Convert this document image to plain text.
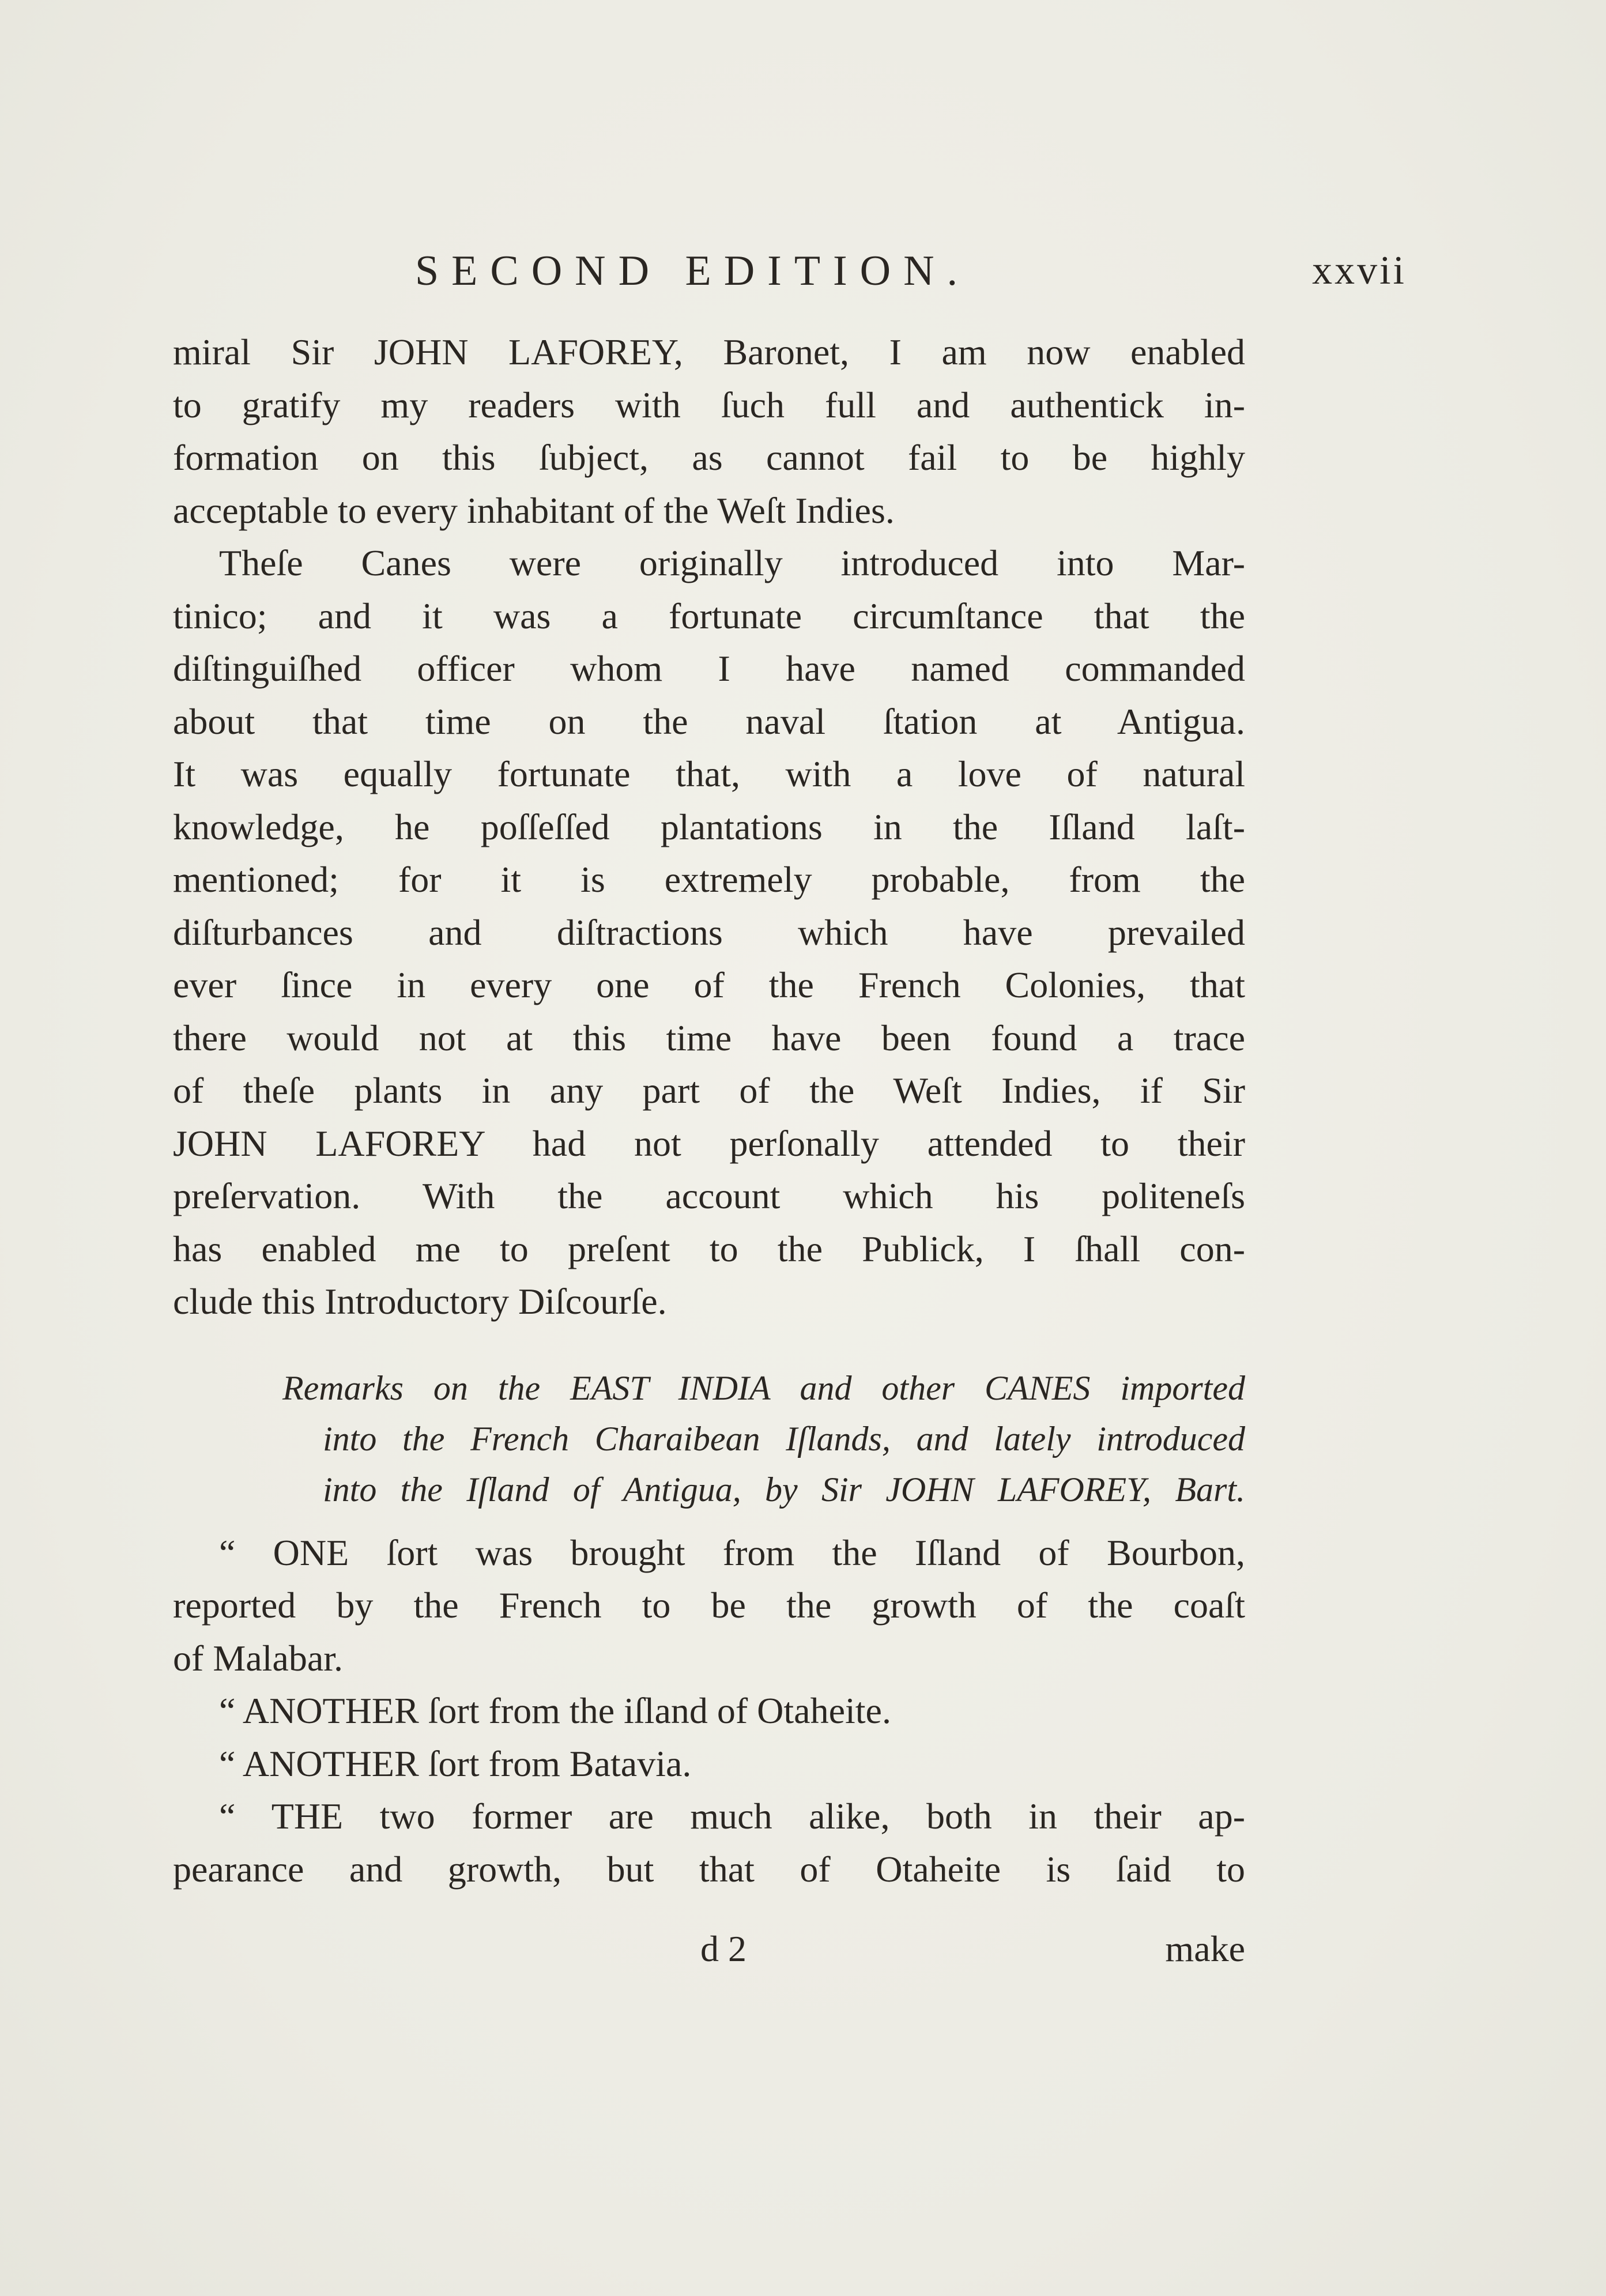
SECOND EDITION.	xxvii
miral Sir JOHN LAFOREY, Baronet, I am now enabled
to gratify my readers with ſuch full and authentick in-
formation on this ſubject, as cannot fail to be highly
acceptable to every inhabitant of the Weſt Indies.
Theſe Canes were originally introduced into Mar-
tinico; and it was a fortunate circumſtance that the
diſtinguiſhed officer whom I have named commanded
about that time on the naval ſtation at Antigua.
It was equally fortunate that, with a love of natural
knowledge, he poſſeſſed plantations in the Iſland laſt-
mentioned; for it is extremely probable, from the
diſturbances and diſtractions which have prevailed
ever ſince in every one of the French Colonies, that
there would not at this time have been found a trace
of theſe plants in any part of the Weſt Indies, if Sir
JOHN LAFOREY had not perſonally attended to their
preſervation. With the account which his politeneſs
has enabled me to preſent to the Publick, I ſhall con-
clude this Introductory Diſcourſe.
Remarks on the EAST INDIA and other CANES imported
into the French Charaibean Iſlands, and lately introduced
into the Iſland of Antigua, by Sir JOHN LAFOREY, Bart.
“ ONE ſort was brought from the Iſland of Bourbon,
reported by the French to be the growth of the coaſt
of Malabar.
“ ANOTHER ſort from the iſland of Otaheite.
“ ANOTHER ſort from Batavia.
“ THE two former are much alike, both in their ap-
pearance and growth, but that of Otaheite is ſaid to
d 2	make
